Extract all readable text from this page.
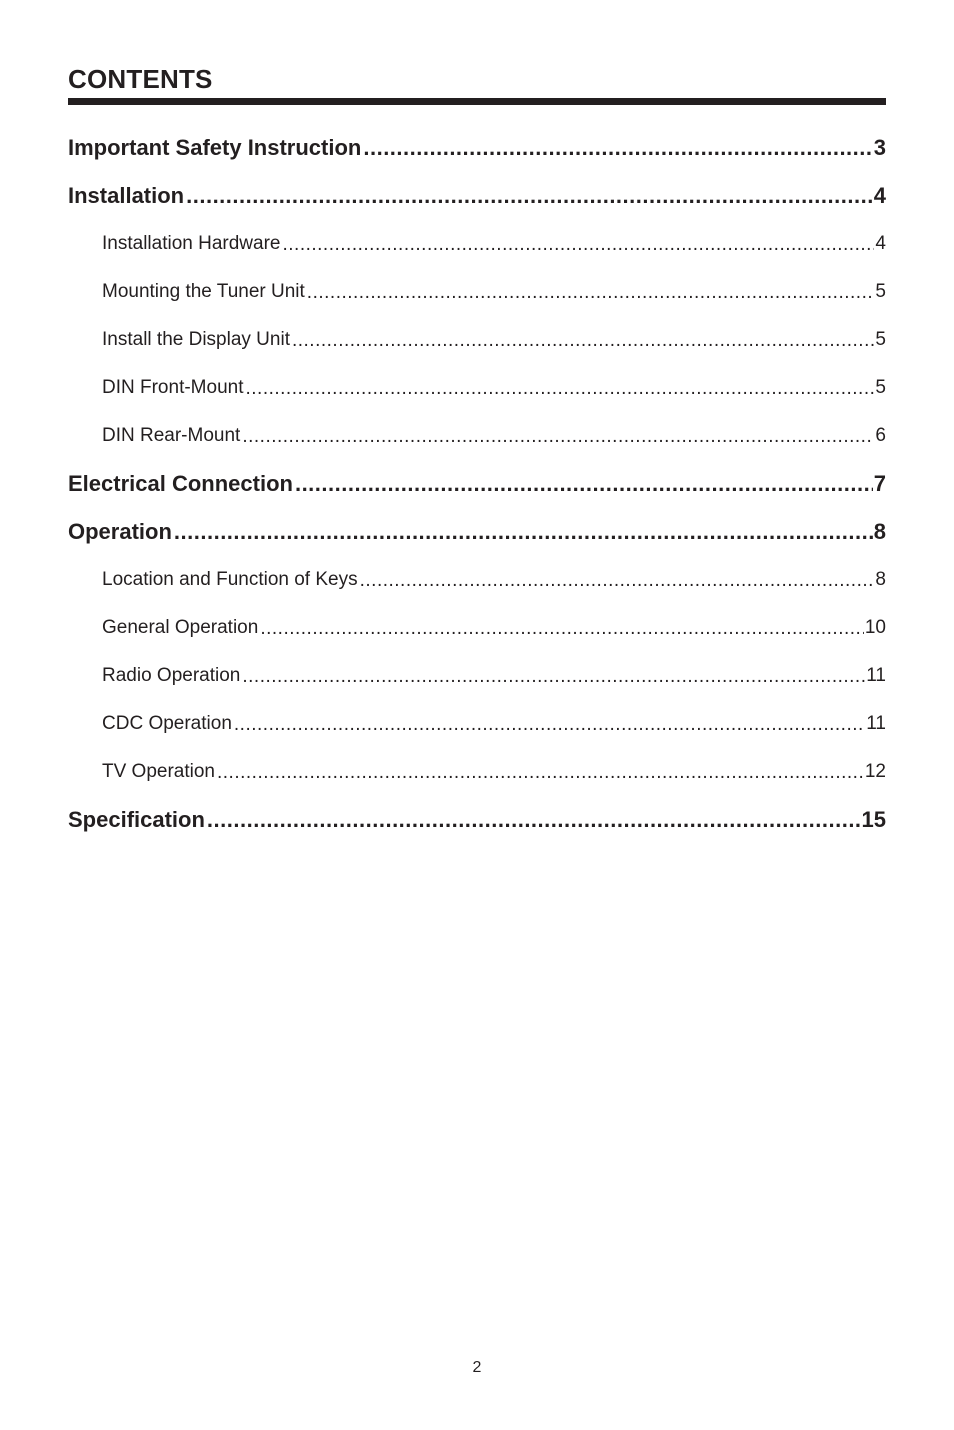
CONTENTS
Important Safety Instruction .....	3
Installation .....	4
Installation Hardware .....	4
Mounting the Tuner Unit .....	5
Install the Display Unit .....	5
DIN Front-Mount .....	5
DIN Rear-Mount .....	6
Electrical Connection .....	7
Operation .....	8
Location and Function of Keys .....	8
General Operation .....	10
Radio Operation .....	11
CDC Operation .....	11
TV Operation .....	12
Specification .....	15
2
